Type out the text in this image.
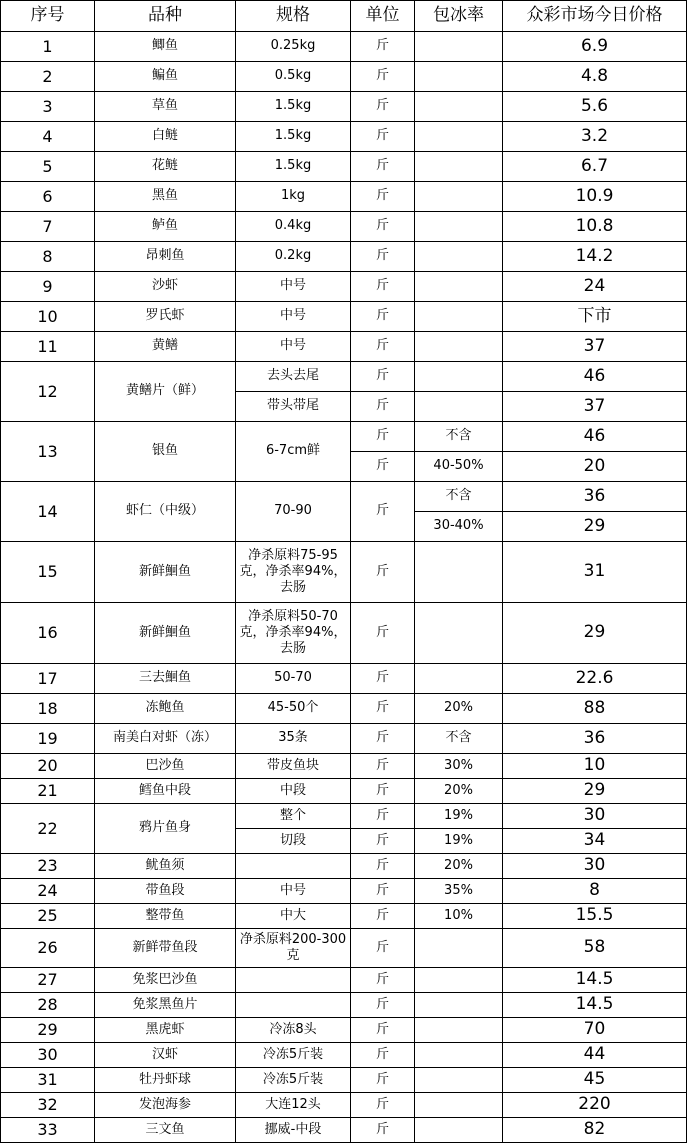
序号	品种	规格	单位	包冰率	众彩市场今日价格
1	鲫鱼	0.25kg	斤		6.9
2	鳊鱼	0.5kg	斤		4.8
3	草鱼	1.5kg	斤		5.6
4	白鲢	1.5kg	斤		3.2
5	花鲢	1.5kg	斤		6.7
6	黑鱼	1kg	斤		10.9
7	鲈鱼	0.4kg	斤		10.8
8	昂刺鱼	0.2kg	斤		14.2
9	沙虾	中号	斤		24
10	罗氏虾	中号	斤		下市
11	黄鳝	中号	斤		37
12	黄鳝片（鲜）	去头去尾	斤		46
		带头带尾	斤		37
13	银鱼	6-7cm鲜	斤	不含	46
			斤	40-50%	20
14	虾仁（中级）	70-90	斤	不含	36
				30-40%	29
15	新鲜鮰鱼	净杀原料75-95克，净杀率94%，去肠	斤		31
16	新鲜鮰鱼	净杀原料50-70克，净杀率94%，去肠	斤		29
17	三去鮰鱼	50-70	斤		22.6
18	冻鲍鱼	45-50个	斤	20%	88
19	南美白对虾（冻）	35条	斤	不含	36
20	巴沙鱼	带皮鱼块	斤	30%	10
21	鳕鱼中段	中段	斤	20%	29
22	鸦片鱼身	整个	斤	19%	30
		切段	斤	19%	34
23	鱿鱼须		斤	20%	30
24	带鱼段	中号	斤	35%	8
25	整带鱼	中大	斤	10%	15.5
26	新鲜带鱼段	净杀原料200-300克	斤		58
27	免浆巴沙鱼		斤		14.5
28	免浆黑鱼片		斤		14.5
29	黑虎虾	冷冻8头	斤		70
30	汉虾	冷冻5斤装	斤		44
31	牡丹虾球	冷冻5斤装	斤		45
32	发泡海参	大连12头	斤		220
33	三文鱼	挪威-中段	斤		82
